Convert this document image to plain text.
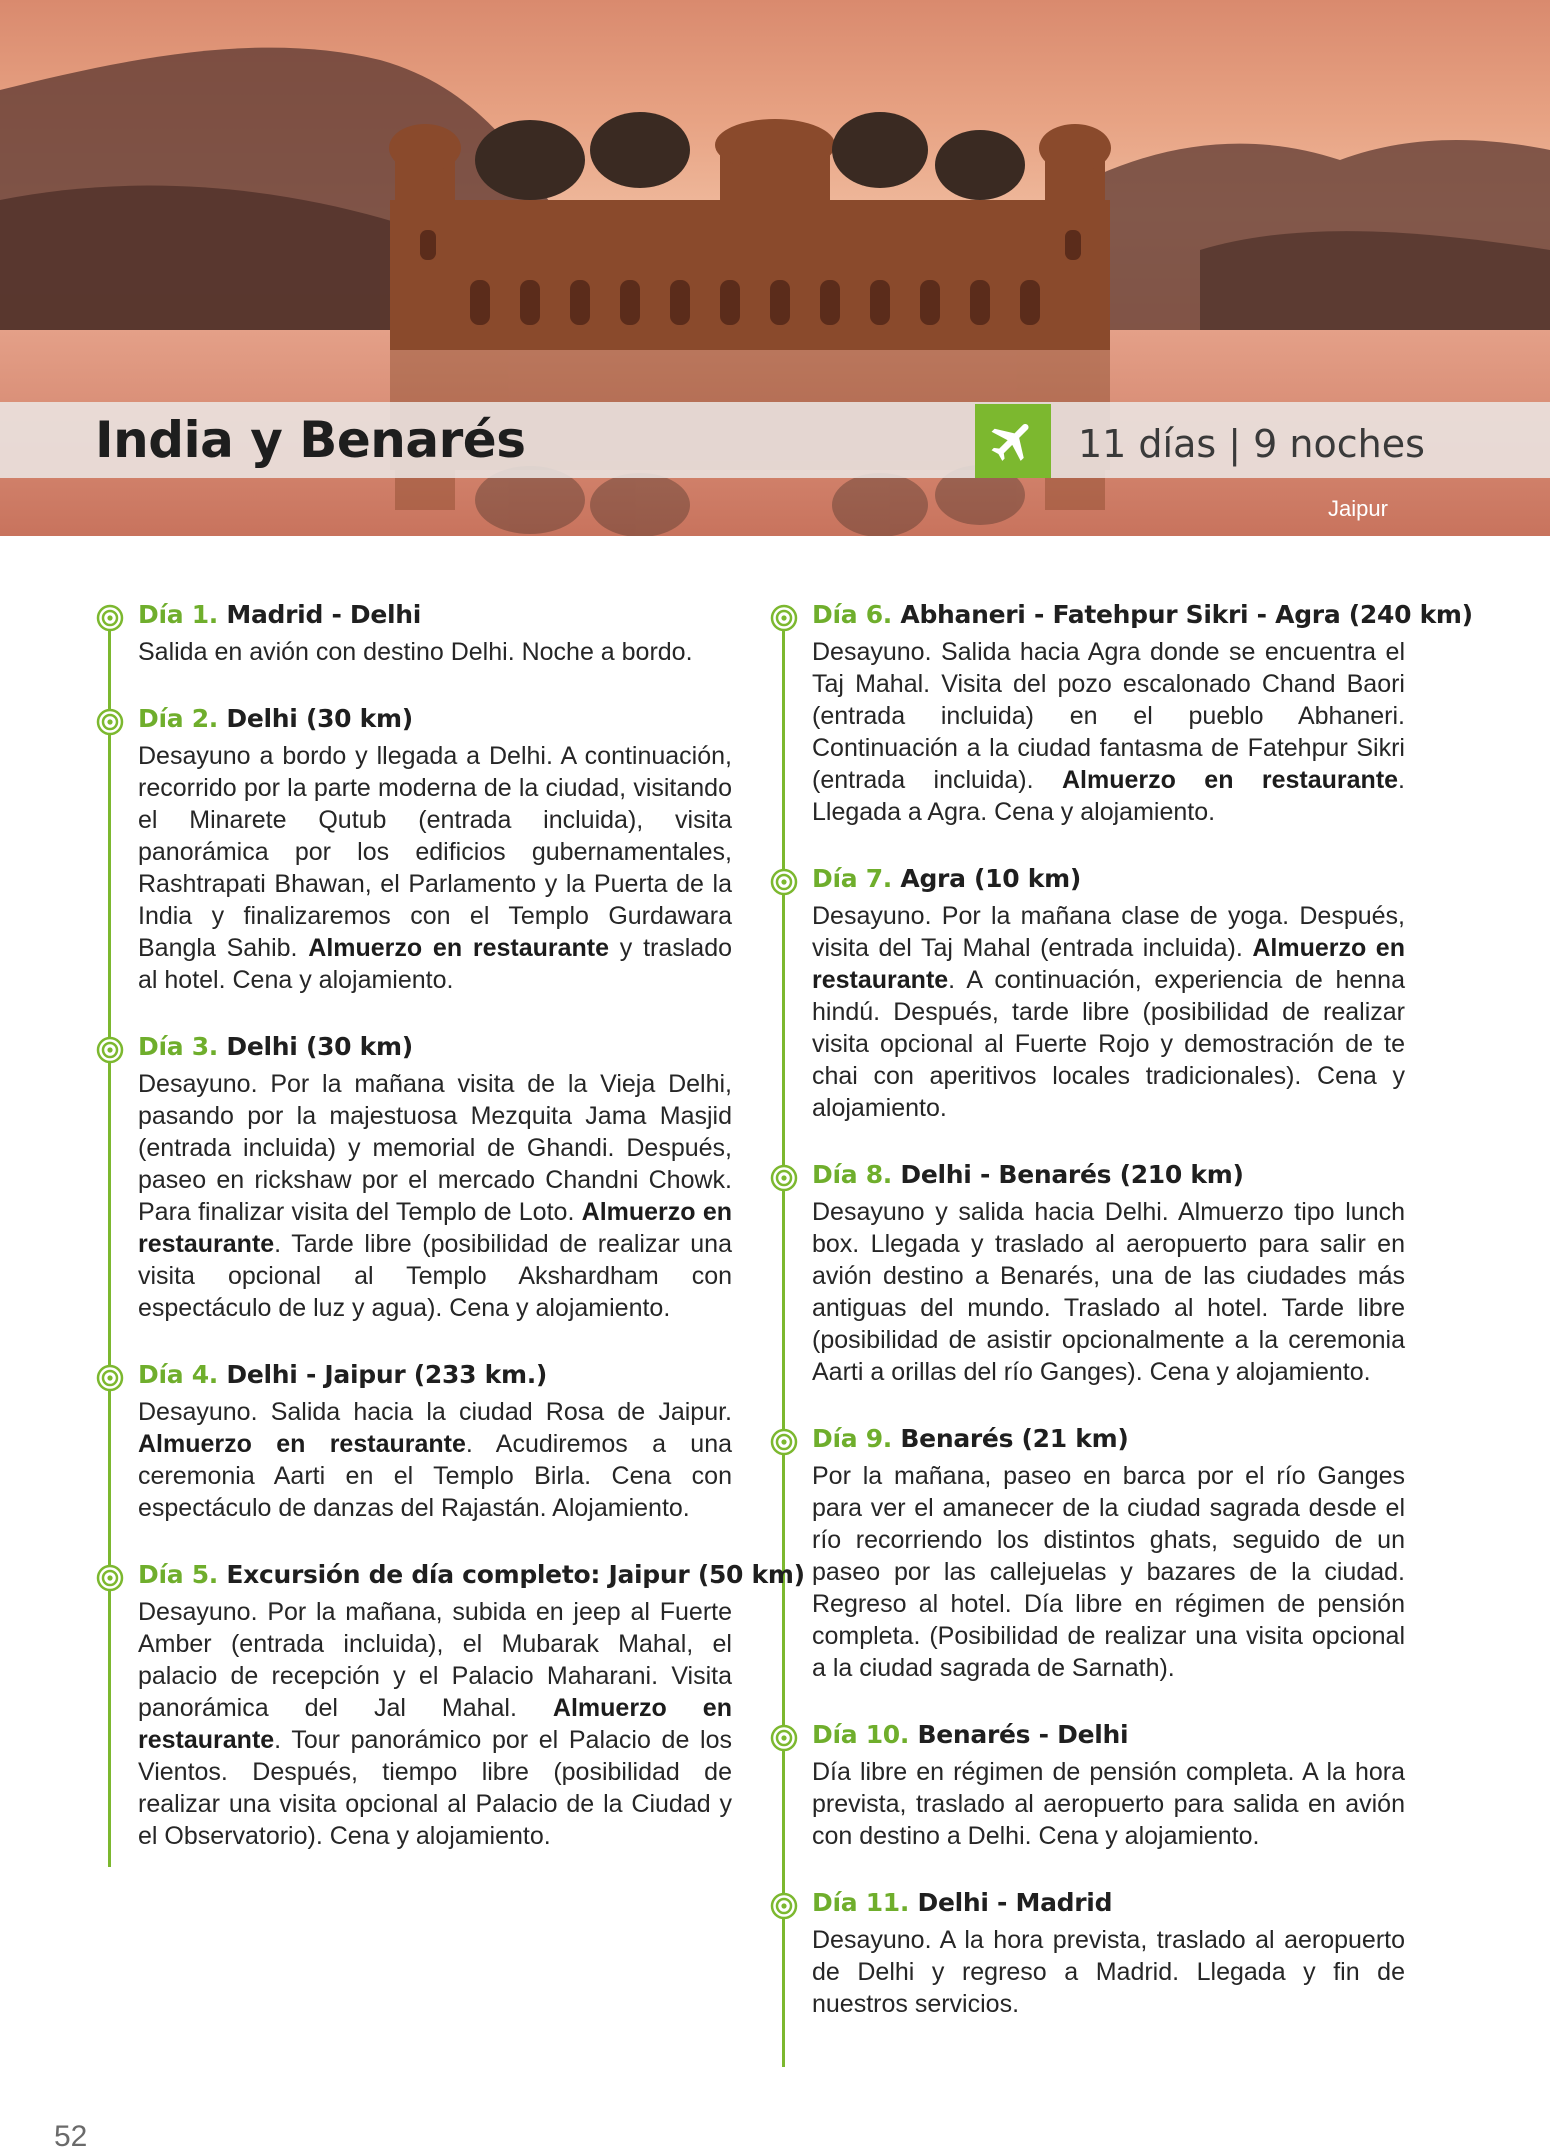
India y Benarés	11 días | 9 noches
Jaipur
Día 1. Madrid - Delhi
Salida en avión con destino Delhi. Noche a bordo.
Día 2. Delhi (30 km)
Desayuno a bordo y llegada a Delhi. A continuación, recorrido por la parte moderna de la ciudad, visitando el Minarete Qutub (entrada incluida), visita panorámica por los edificios gubernamentales, Rashtrapati Bhawan, el Parlamento y la Puerta de la India y finalizaremos con el Templo Gurdawara Bangla Sahib. Almuerzo en restaurante y traslado al hotel. Cena y alojamiento.
Día 3. Delhi (30 km)
Desayuno. Por la mañana visita de la Vieja Delhi, pasando por la majestuosa Mezquita Jama Masjid (entrada incluida) y memorial de Ghandi. Después, paseo en rickshaw por el mercado Chandni Chowk. Para finalizar visita del Templo de Loto. Almuerzo en restaurante. Tarde libre (posibilidad de realizar una visita opcional al Templo Akshardham con espectáculo de luz y agua). Cena y alojamiento.
Día 4. Delhi - Jaipur (233 km.)
Desayuno. Salida hacia la ciudad Rosa de Jaipur. Almuerzo en restaurante. Acudiremos a una ceremonia Aarti en el Templo Birla. Cena con espectáculo de danzas del Rajastán. Alojamiento.
Día 5. Excursión de día completo: Jaipur (50 km)
Desayuno. Por la mañana, subida en jeep al Fuerte Amber (entrada incluida), el Mubarak Mahal, el palacio de recepción y el Palacio Maharani. Visita panorámica del Jal Mahal. Almuerzo en restaurante. Tour panorámico por el Palacio de los Vientos. Después, tiempo libre (posibilidad de realizar una visita opcional al Palacio de la Ciudad y el Observatorio). Cena y alojamiento.
Día 6. Abhaneri - Fatehpur Sikri - Agra (240 km)
Desayuno. Salida hacia Agra donde se encuentra el Taj Mahal. Visita del pozo escalonado Chand Baori (entrada incluida) en el pueblo Abhaneri. Continuación a la ciudad fantasma de Fatehpur Sikri (entrada incluida). Almuerzo en restaurante. Llegada a Agra. Cena y alojamiento.
Día 7. Agra (10 km)
Desayuno. Por la mañana clase de yoga. Después, visita del Taj Mahal (entrada incluida). Almuerzo en restaurante. A continuación, experiencia de henna hindú. Después, tarde libre (posibilidad de realizar visita opcional al Fuerte Rojo y demostración de te chai con aperitivos locales tradicionales). Cena y alojamiento.
Día 8. Delhi - Benarés (210 km)
Desayuno y salida hacia Delhi. Almuerzo tipo lunch box. Llegada y traslado al aeropuerto para salir en avión destino a Benarés, una de las ciudades más antiguas del mundo. Traslado al hotel. Tarde libre (posibilidad de asistir opcionalmente a la ceremonia Aarti a orillas del río Ganges). Cena y alojamiento.
Día 9. Benarés (21 km)
Por la mañana, paseo en barca por el río Ganges para ver el amanecer de la ciudad sagrada desde el río recorriendo los distintos ghats, seguido de un paseo por las callejuelas y bazares de la ciudad. Regreso al hotel. Día libre en régimen de pensión completa. (Posibilidad de realizar una visita opcional a la ciudad sagrada de Sarnath).
Día 10. Benarés - Delhi
Día libre en régimen de pensión completa. A la hora prevista, traslado al aeropuerto para salida en avión con destino a Delhi. Cena y alojamiento.
Día 11. Delhi - Madrid
Desayuno. A la hora prevista, traslado al aeropuerto de Delhi y regreso a Madrid. Llegada y fin de nuestros servicios.
52
